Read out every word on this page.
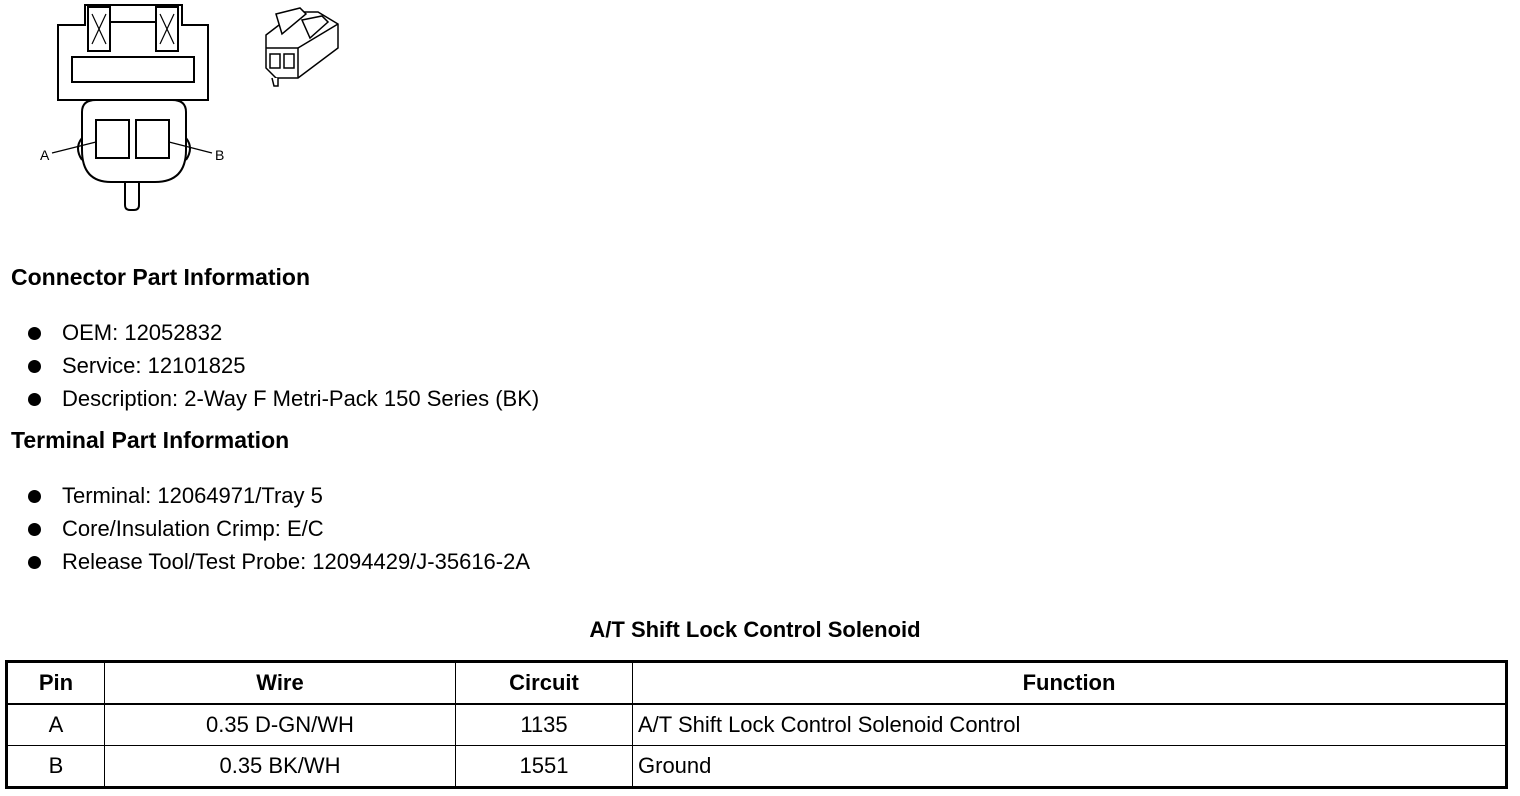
A	B
Connector Part Information
OEM: 12052832
Service: 12101825
Description: 2-Way F Metri-Pack 150 Series (BK)
Terminal Part Information
Terminal: 12064971/Tray 5
Core/Insulation Crimp: E/C
Release Tool/Test Probe: 12094429/J-35616-2A
A/T Shift Lock Control Solenoid
Pin	Wire	Circuit	Function
A	0.35 D-GN/WH	1135	A/T Shift Lock Control Solenoid Control
B	0.35 BK/WH	1551	Ground
